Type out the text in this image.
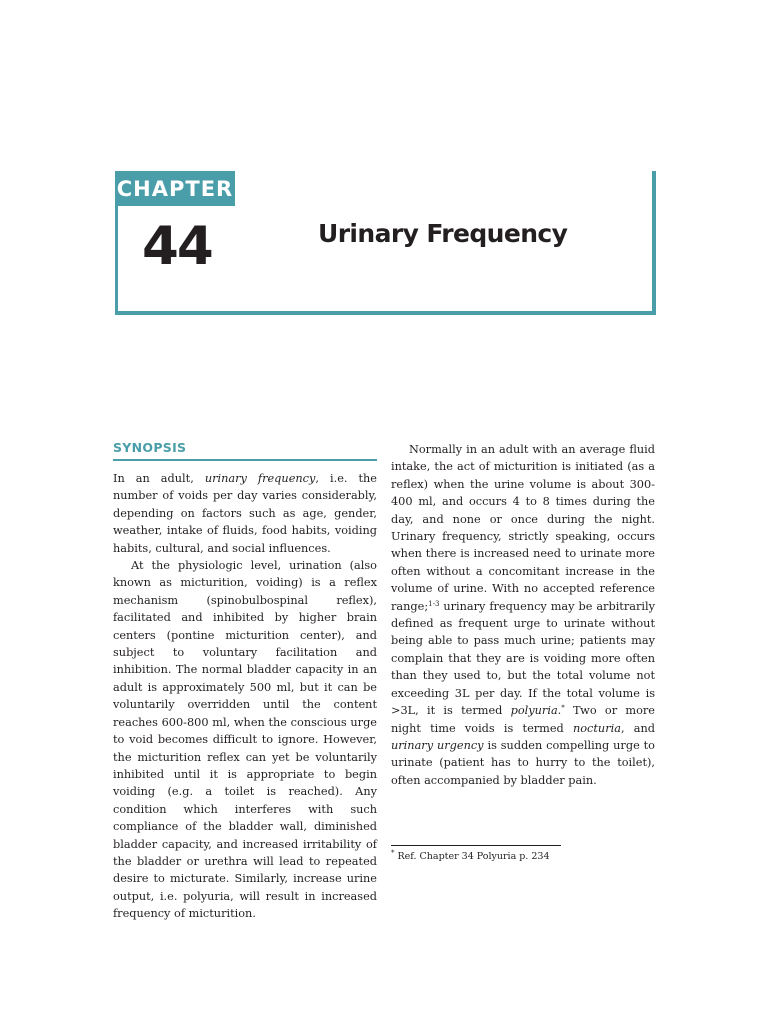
CHAPTER
44	Urinary Frequency
SYNOPSIS

In an adult, urinary frequency, i.e. the number of voids per day varies considerably, depending on factors such as age, gender, weather, intake of fluids, food habits, voiding habits, cultural, and social influences.

At the physiologic level, urination (also known as micturition, voiding) is a reflex mechanism (spinobulbospinal reflex), facilitated and inhibited by higher brain centers (pontine micturition center), and subject to voluntary facilitation and inhibition. The normal bladder capacity in an adult is approximately 500 ml, but it can be voluntarily overridden until the content reaches 600-800 ml, when the conscious urge to void becomes difficult to ignore. However, the micturition reflex can yet be voluntarily inhibited until it is appropriate to begin voiding (e.g. a toilet is reached). Any condition which interferes with such compliance of the bladder wall, diminished bladder capacity, and increased irritability of the bladder or urethra will lead to repeated desire to micturate. Similarly, increase urine output, i.e. polyuria, will result in increased frequency of micturition.

Normally in an adult with an average fluid intake, the act of micturition is initiated (as a reflex) when the urine volume is about 300-400 ml, and occurs 4 to 8 times during the day, and none or once during the night. Urinary frequency, strictly speaking, occurs when there is increased need to urinate more often without a concomitant increase in the volume of urine. With no accepted reference range;$^{1-3}$ urinary frequency may be arbitrarily defined as frequent urge to urinate without being able to pass much urine; patients may complain that they are is voiding more often than they used to, but the total volume not exceeding 3L per day. If the total volume is >3L, it is termed polyuria.* Two or more night time voids is termed nocturia, and urinary urgency is sudden compelling urge to urinate (patient has to hurry to the toilet), often accompanied by bladder pain.

* Ref. Chapter 34 Polyuria p. 234
